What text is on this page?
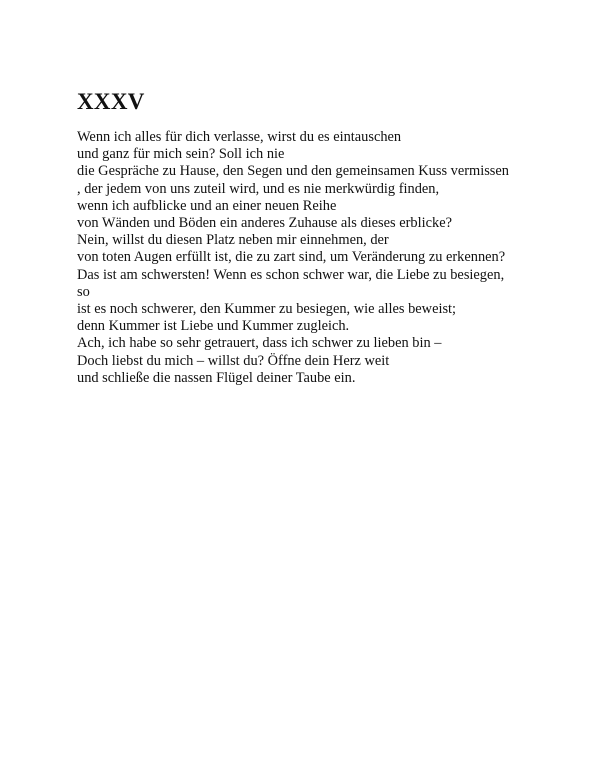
XXXV
Wenn ich alles für dich verlasse, wirst du es eintauschen
und ganz für mich sein? Soll ich nie
die Gespräche zu Hause, den Segen und den gemeinsamen Kuss vermissen
, der jedem von uns zuteil wird, und es nie merkwürdig finden,
wenn ich aufblicke und an einer neuen Reihe
von Wänden und Böden ein anderes Zuhause als dieses erblicke?
Nein, willst du diesen Platz neben mir einnehmen, der
von toten Augen erfüllt ist, die zu zart sind, um Veränderung zu erkennen?
Das ist am schwersten! Wenn es schon schwer war, die Liebe zu besiegen,
so
ist es noch schwerer, den Kummer zu besiegen, wie alles beweist;
denn Kummer ist Liebe und Kummer zugleich.
Ach, ich habe so sehr getrauert, dass ich schwer zu lieben bin –
Doch liebst du mich – willst du? Öffne dein Herz weit
und schließe die nassen Flügel deiner Taube ein.
